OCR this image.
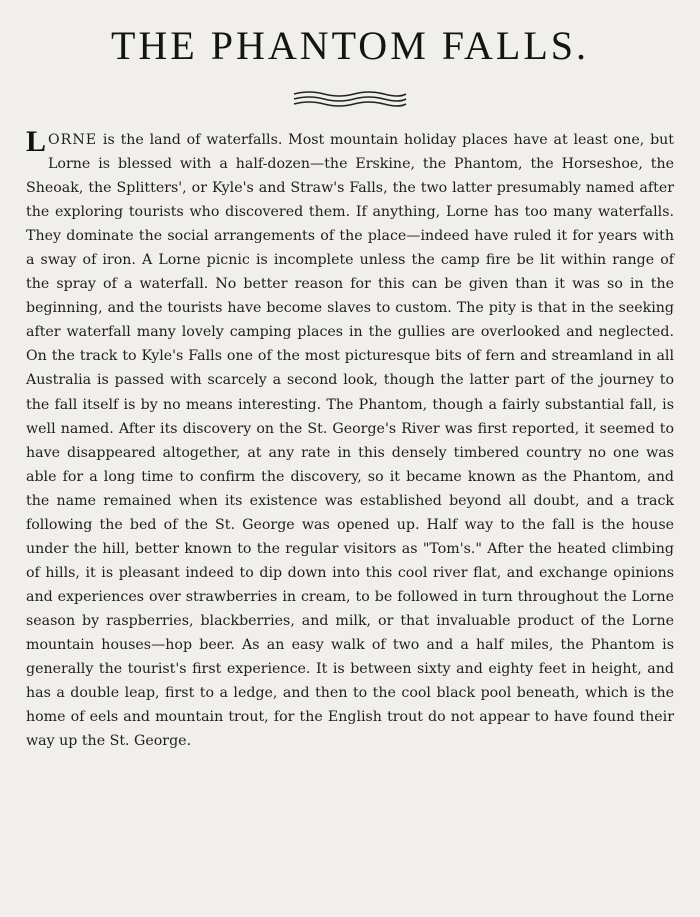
THE PHANTOM FALLS.
LORNE is the land of waterfalls. Most mountain holiday places have at least one, but Lorne is blessed with a half-dozen—the Erskine, the Phantom, the Horseshoe, the Sheoak, the Splitters', or Kyle's and Straw's Falls, the two latter presumably named after the exploring tourists who discovered them. If anything, Lorne has too many waterfalls. They dominate the social arrangements of the place—indeed have ruled it for years with a sway of iron. A Lorne picnic is incomplete unless the camp fire be lit within range of the spray of a waterfall. No better reason for this can be given than it was so in the beginning, and the tourists have become slaves to custom. The pity is that in the seeking after waterfall many lovely camping places in the gullies are overlooked and neglected. On the track to Kyle's Falls one of the most picturesque bits of fern and streamland in all Australia is passed with scarcely a second look, though the latter part of the journey to the fall itself is by no means interesting. The Phantom, though a fairly substantial fall, is well named. After its discovery on the St. George's River was first reported, it seemed to have disappeared altogether, at any rate in this densely timbered country no one was able for a long time to confirm the discovery, so it became known as the Phantom, and the name remained when its existence was established beyond all doubt, and a track following the bed of the St. George was opened up. Half way to the fall is the house under the hill, better known to the regular visitors as "Tom's." After the heated climbing of hills, it is pleasant indeed to dip down into this cool river flat, and exchange opinions and experiences over strawberries in cream, to be followed in turn throughout the Lorne season by raspberries, blackberries, and milk, or that invaluable product of the Lorne mountain houses—hop beer. As an easy walk of two and a half miles, the Phantom is generally the tourist's first experience. It is between sixty and eighty feet in height, and has a double leap, first to a ledge, and then to the cool black pool beneath, which is the home of eels and mountain trout, for the English trout do not appear to have found their way up the St. George.
